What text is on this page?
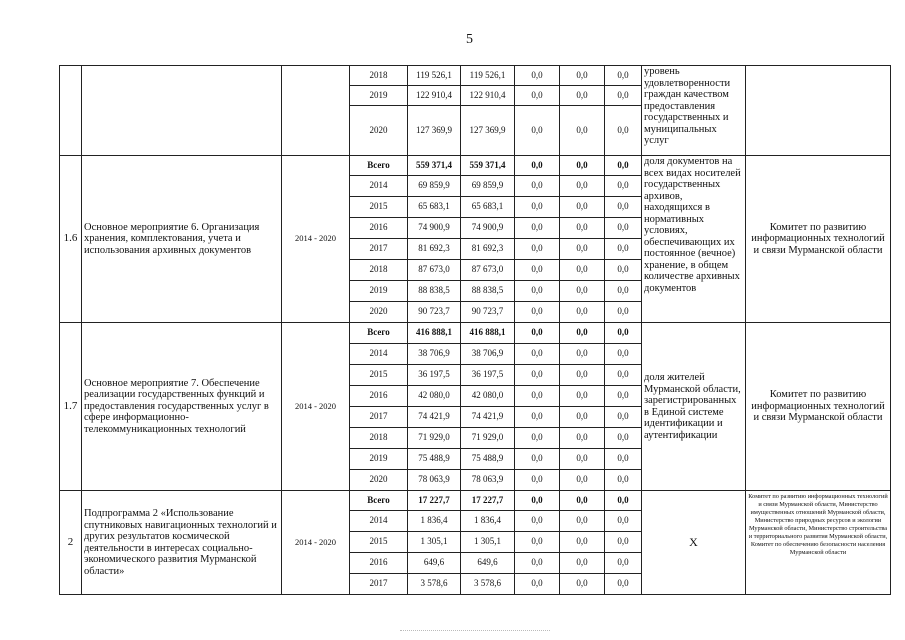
5
			2018	119 526,1	119 526,1	0,0	0,0	0,0	уровень удовлетворенности граждан качеством предоставления государственных и муниципальных услуг	
			2019	122 910,4	122 910,4	0,0	0,0	0,0		
			2020	127 369,9	127 369,9	0,0	0,0	0,0		
1.6	Основное мероприятие 6. Организация хранения, комплектования, учета и использования архивных документов	2014 - 2020	Всего	559 371,4	559 371,4	0,0	0,0	0,0	доля документов на всех видах носителей государственных архивов, находящихся в нормативных условиях, обеспечивающих их постоянное (вечное) хранение, в общем количестве архивных документов	Комитет по развитию информационных технологий и связи Мурманской области
			2014	69 859,9	69 859,9	0,0	0,0	0,0		
			2015	65 683,1	65 683,1	0,0	0,0	0,0		
			2016	74 900,9	74 900,9	0,0	0,0	0,0		
			2017	81 692,3	81 692,3	0,0	0,0	0,0		
			2018	87 673,0	87 673,0	0,0	0,0	0,0		
			2019	88 838,5	88 838,5	0,0	0,0	0,0		
			2020	90 723,7	90 723,7	0,0	0,0	0,0		
1.7	Основное мероприятие 7. Обеспечение реализации государственных функций и предоставления государственных услуг в сфере информационно-телекоммуникационных технологий	2014 - 2020	Всего	416 888,1	416 888,1	0,0	0,0	0,0	доля жителей Мурманской области, зарегистрированных в Единой системе идентификации и аутентификации	Комитет по развитию информационных технологий и связи Мурманской области
			2014	38 706,9	38 706,9	0,0	0,0	0,0		
			2015	36 197,5	36 197,5	0,0	0,0	0,0		
			2016	42 080,0	42 080,0	0,0	0,0	0,0		
			2017	74 421,9	74 421,9	0,0	0,0	0,0		
			2018	71 929,0	71 929,0	0,0	0,0	0,0		
			2019	75 488,9	75 488,9	0,0	0,0	0,0		
			2020	78 063,9	78 063,9	0,0	0,0	0,0		
2	Подпрограмма 2 «Использование спутниковых навигационных технологий и других результатов космической деятельности в интересах социально-экономического развития Мурманской области»	2014 - 2020	Всего	17 227,7	17 227,7	0,0	0,0	0,0	X	Комитет по развитию информационных технологий и связи Мурманской области, Министерство имущественных отношений Мурманской области, Министерство природных ресурсов и экологии Мурманской области, Министерство строительства и территориального развития Мурманской области, Комитет по обеспечению безопасности населения Мурманской области
			2014	1 836,4	1 836,4	0,0	0,0	0,0		
			2015	1 305,1	1 305,1	0,0	0,0	0,0		
			2016	649,6	649,6	0,0	0,0	0,0		
			2017	3 578,6	3 578,6	0,0	0,0	0,0		
